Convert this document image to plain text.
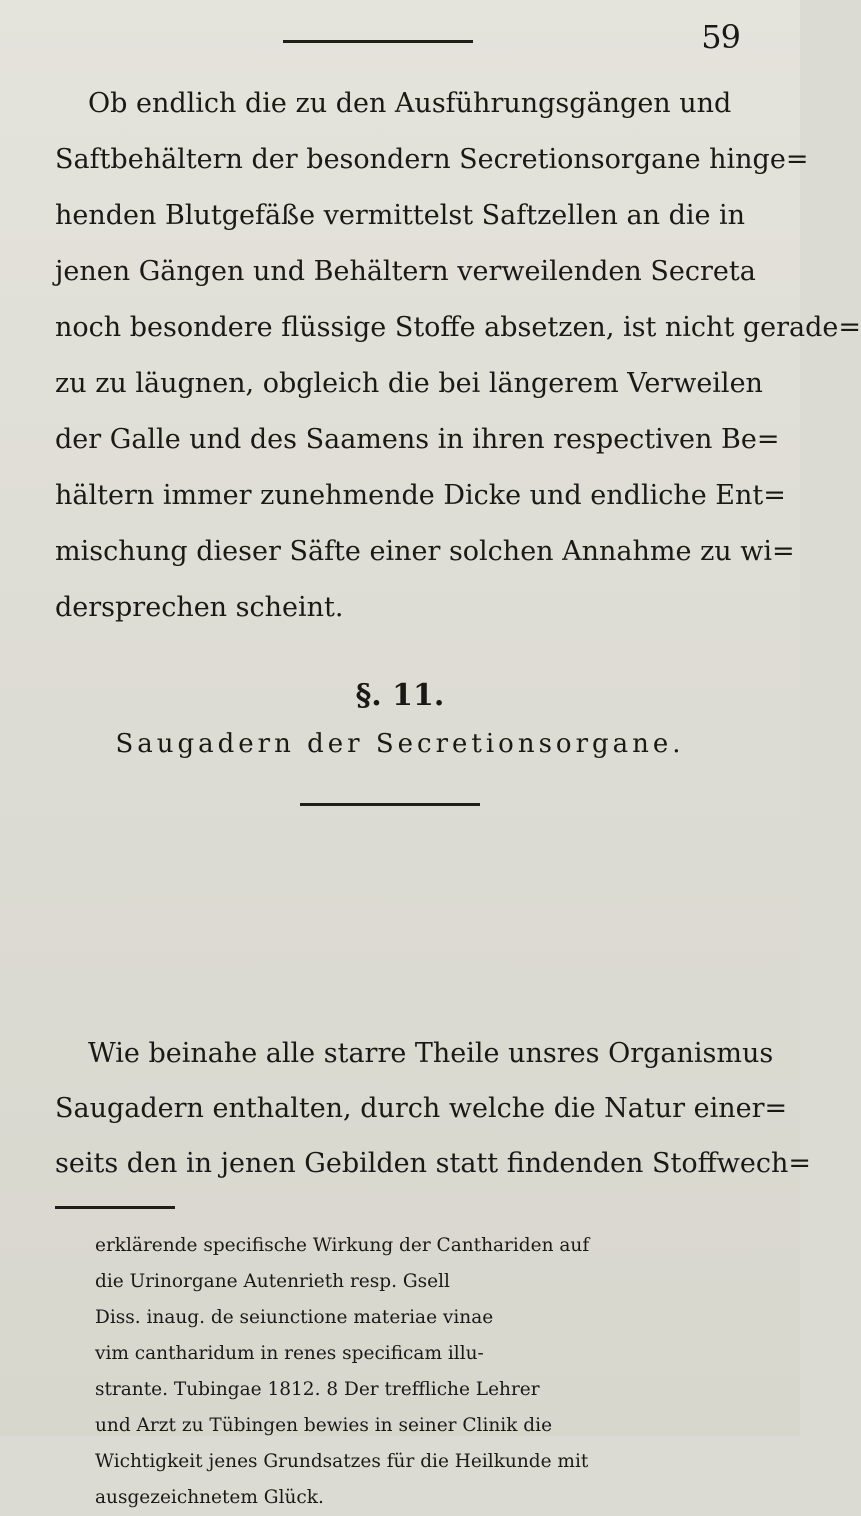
59

Ob endlich die zu den Ausführungsgängen und
Saftbehältern der besondern Secretionsorgane hinge=
henden Blutgefäße vermittelst Saftzellen an die in
jenen Gängen und Behältern verweilenden Secreta
noch besondere flüssige Stoffe absetzen, ist nicht gerade=
zu zu läugnen, obgleich die bei längerem Verweilen
der Galle und des Saamens in ihren respectiven Be=
hältern immer zunehmende Dicke und endliche Ent=
mischung dieser Säfte einer solchen Annahme zu wi=
dersprechen scheint.

§. 11.
Saugadern der Secretionsorgane.

Wie beinahe alle starre Theile unsres Organismus
Saugadern enthalten, durch welche die Natur einer=
seits den in jenen Gebilden statt findenden Stoffwech=

erklärende specifische Wirkung der Canthariden auf
die Urinorgane Autenrieth resp. Gsell
Diss. inaug. de seiunctione materiae vinae
vim cantharidum in renes specificam illu-
strante. Tubingae 1812. 8 Der treffliche Lehrer
und Arzt zu Tübingen bewies in seiner Clinik die
Wichtigkeit jenes Grundsatzes für die Heilkunde mit
ausgezeichnetem Glück.
